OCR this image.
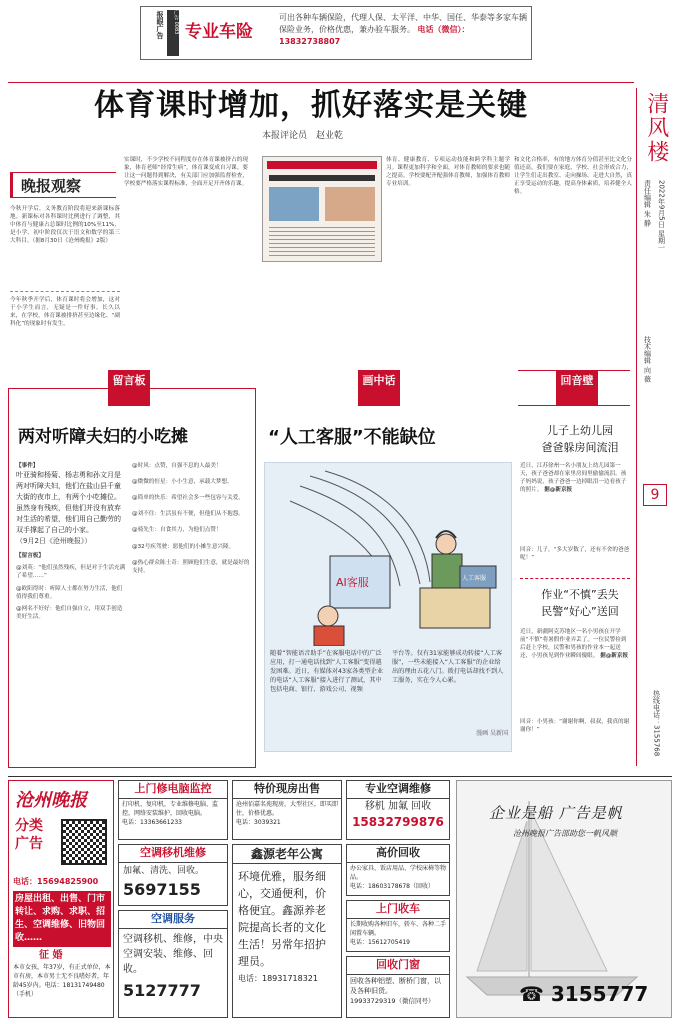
报眼广告	广告 0083 专业车险
可出各种车辆保险，代理人保、太平洋、中华、国任、华泰等多家车辆保险业务，价格优惠，兼办验车服务。 电话（微信）：13832738807
清风楼
2022年9月5日 星期一
责任编辑 朱 静
技术编辑 向 薇
9
热线电话：3155768
体育课时增加，抓好落实是关键
本报评论员　赵业乾
晚报观察
今秋开学后，义务教育阶段将迎来新课标落地。新课标对各科课时比例进行了调整，其中体育与健康占总课时比例的10%至11%，是小学、初中阶段仅次于语文和数学的第三大科目。（据8月30日《沧州晚报》2版）
今年秋季开学后，体育课时将会增加，这对于小学生而言，无疑是一件好事。长久以来，在学校，体育课被排挤甚至边缘化、“副科化”的现象时有发生。
实课时，不少学校不同程度存在体育课被挤占的现象，体育老师“经常生病”，体育课变成自习课。要让这一问题得到解决，有关部门应加强监督检查，学校要严格落实课程标准，全面开足开齐体育课。
体育、健康教育、专项运动技能和跨学科主题学习。课程更加科学和全面，对体育教师的要求也随之提高。学校要配齐配强体育教师，加强体育教师专业培训。
和文化合格率，有的地方体育分值甚至比文化分值还高。我们要在家庭、学校、社会形成合力，让学生们走出教室、走向操场、走进大自然，真正享受运动的乐趣，提高身体素质，培养健全人格。
留言板
两对听障夫妇的小吃摊
【事件】
叶亚骑和杨菊、杨志勇和孙文月是两对听障夫妇，他们在盐山县千童大街的夜市上，有两个小吃摊位。虽然身有残疾，但他们并没有放弃对生活的希望，他们用自己勤劳的双手撑起了自己的小家。
（9月2日《沧州晚报》）
【留言板】
@刘英：“他们虽然残疾，但是对于生活充满了希望……”
@欧阳得时：听障人士都在努力生活，他们值得我们尊重。
@网名不好好：他们自强自立，用双手创造美好生活。
@时风：点赞，自强不息的人最美！
@微微的恒星：小小生意，承载大梦想。
@简单的快乐：希望社会多一些包容与关爱。
@刘不住：生活虽有不便，但他们从不抱怨。
@骑先生：自食其力，为他们点赞！
@32号疾驾驶：愿他们的小摊生意兴隆。
@热心群众陈士奇：照顾他们生意，就是最好的支持。
画中话
“人工客服”不能缺位
AI客服	人工客服
随着“智能语音助手”在客服电话中的广泛应用，打一通电话找到“人工客服”变得越发困难。近日，有媒体对43家各类型企业的电话“人工客服”接入进行了测试，其中包括电商、银行、游戏公司、视频
平台等。仅有31家能够成功转接“人工客服”，一些未能接入“人工客服”的企业给出的理由五花八门。拨打电话却找不到人工服务，实在令人心累。
漫画 吴新国
回音壁
儿子上幼儿园
爸爸躲房间流泪
近日，江苏徐州一名小朋友上幼儿园第一天，孩子爸爸却在家里房间里偷偷流泪。孩子妈妈说，孩子爸爸一边掉眼泪一边看孩子的照片。 据@新京报
回音：儿子，“多大岁数了，还有不舍的爸爸呢！”
作业“不慎”丢失
民警“好心”送回
近日，新疆阿克苏地区一名小男孩在开学前“不慎”将暑假作业弄丢了。一位民警捡到后赶上学校，民警和男孩的作业本一起送还，小男孩见到作业瞬间傻眼。 据@新京报
回音：小男孩：“谢谢你啊，叔叔，我真的谢谢你！”
沧州晚报
分类广告
电话：15694825900
房屋出租、出售、门市转让、求购、求职、招生、空调维修、旧物回收……
征 婚
本市女孩，年37岁，有正式单位，本市有房，本市男士无不良嗜好者，年龄45岁内。电话：18131749480（手机）
上门修电脑监控
打印机、复印机，专业维修电脑、监控，网络安装维护，回收电脑。
电话：13363661233
空调移机维修
加氟、清洗、回收。
5697155
空调服务
空调移机、维修，中央空调安装、维修、回收。
5127777
特价现房出售
沧州佰嘉名苑现房，大型社区，即买即住，价格优惠。
电话：3039321
鑫源老年公寓
环境优雅，服务细心，交通便利，价格便宜。鑫源养老院提高长者的文化生活！另常年招护理员。
电话：18931718321
专业空调维修
移机 加氟 回收
15832799876
高价回收
办公家具、饭店用品、学校床椅等物品。
电话：18603178678（回收）
上门收车
长期收购各种旧车，轿车、各种二手闲置车辆。
电话：15612705419
回收门窗
回收各种铝塑、断桥门窗，以及各种旧货。
19933729319（微信同号）
企业是船 广告是帆
沧州晚报广告部助您一帆风顺
☎ 3155777
